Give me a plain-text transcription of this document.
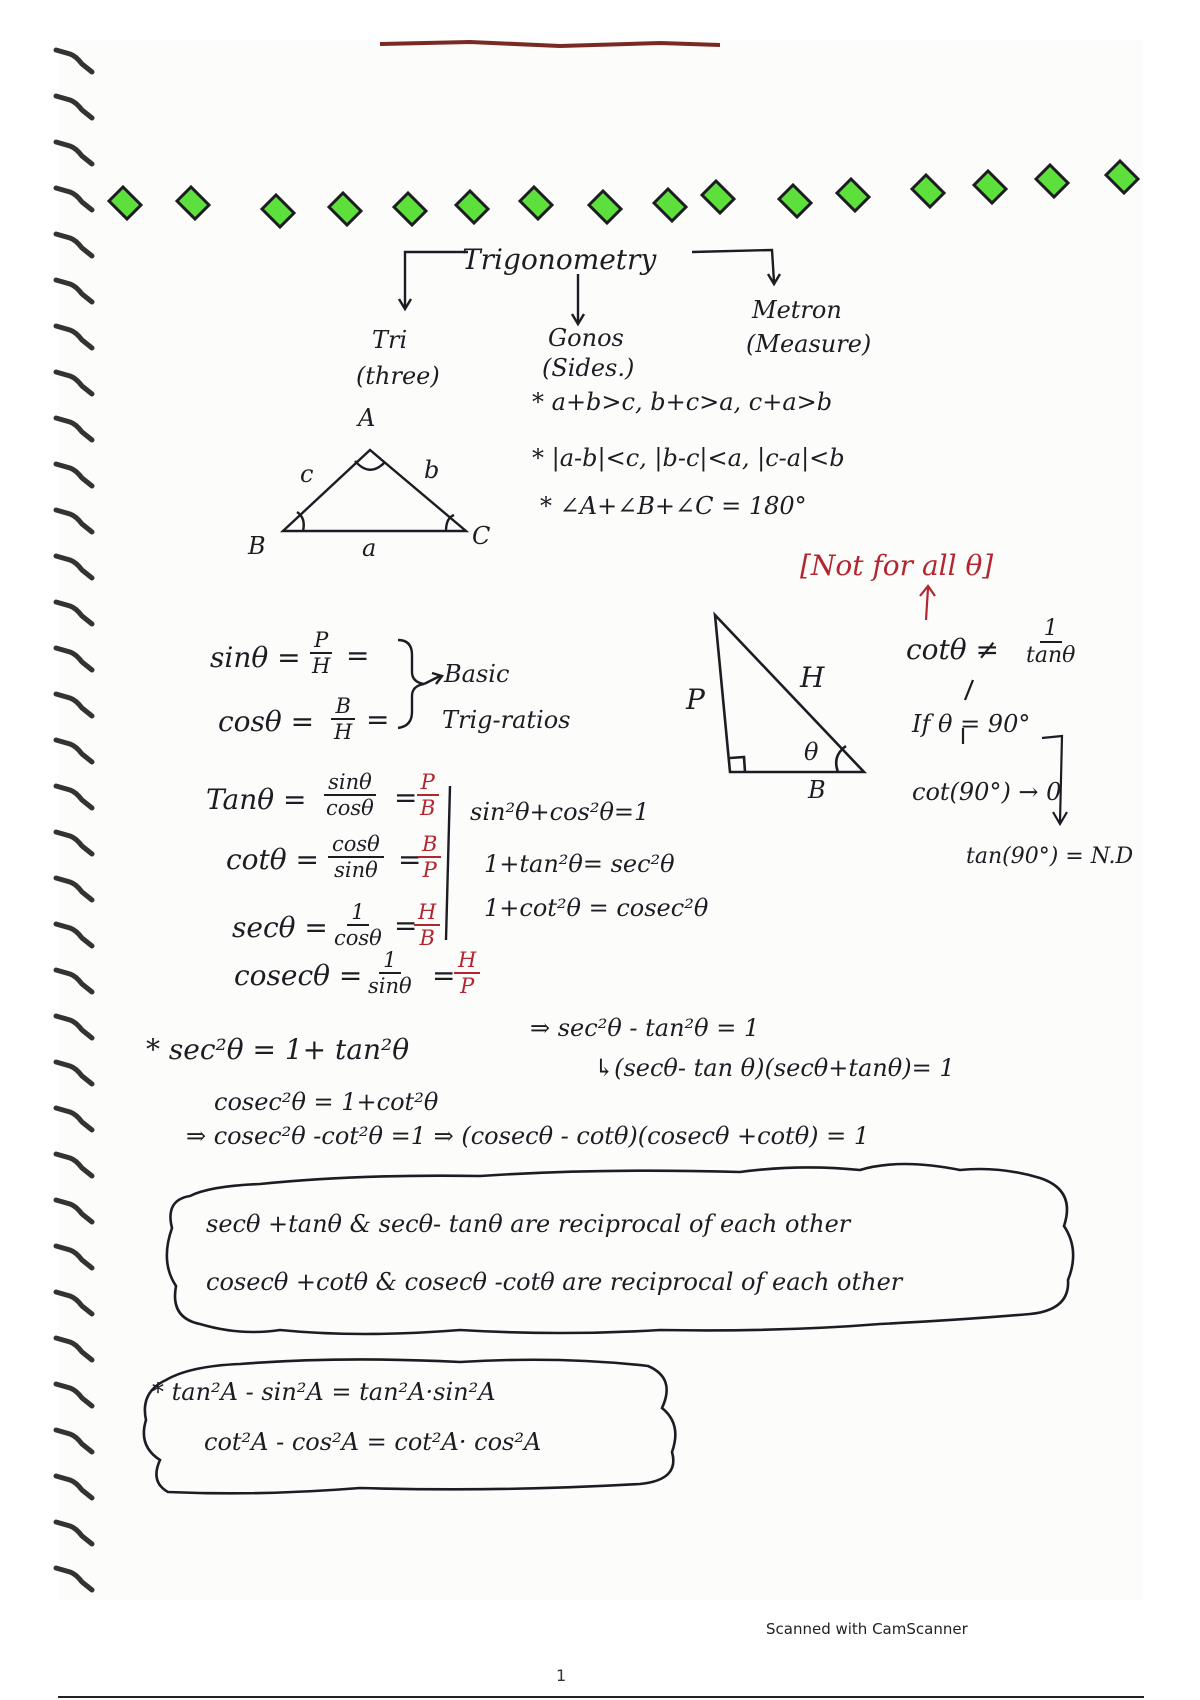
Trigonometry
Tri
(three)
Gonos
(Sides.)
Metron
(Measure)
A
B	C
a
b
c
* a+b>c, b+c>a, c+a>b
* |a-b|<c, |b-c|<a, |c-a|<b
* ∠A+∠B+∠C = 180°
$\sin\theta = \frac{P}{H}$ =
$\cos\theta = \frac{B}{H}$ =
Basic
Trig-ratios
P
H
B
θ
[Not for all θ]
$\cot\theta \ne \frac{1}{\tan\theta}$
If θ = 90°
cot(90°) → 0
tan(90°) = N.D
$Tan\theta = \frac{\sin\theta}{\cos\theta}$ =
$\frac{P}{B}$
$\cot\theta = \frac{\cos\theta}{\sin\theta}$ =
$\frac{B}{P}$
$\sec\theta = \frac{1}{\cos\theta}$ =
$\frac{H}{B}$
$cosec\theta = \frac{1}{\sin\theta}$ =
$\frac{H}{P}$
sin²θ+cos²θ=1
1+tan²θ= sec²θ
1+cot²θ = cosec²θ
* sec²θ = 1+ tan²θ
⇒ sec²θ - tan²θ = 1
↳(secθ- tan θ)(secθ+tanθ)= 1
cosec²θ = 1+cot²θ
⇒ cosec²θ -cot²θ =1 ⇒ (cosecθ - cotθ)(cosecθ +cotθ) = 1
secθ +tanθ & secθ- tanθ are reciprocal of each other
cosecθ +cotθ & cosecθ -cotθ are reciprocal of each other
* tan²A - sin²A = tan²A·sin²A
cot²A - cos²A = cot²A· cos²A
Scanned with CamScanner
1
